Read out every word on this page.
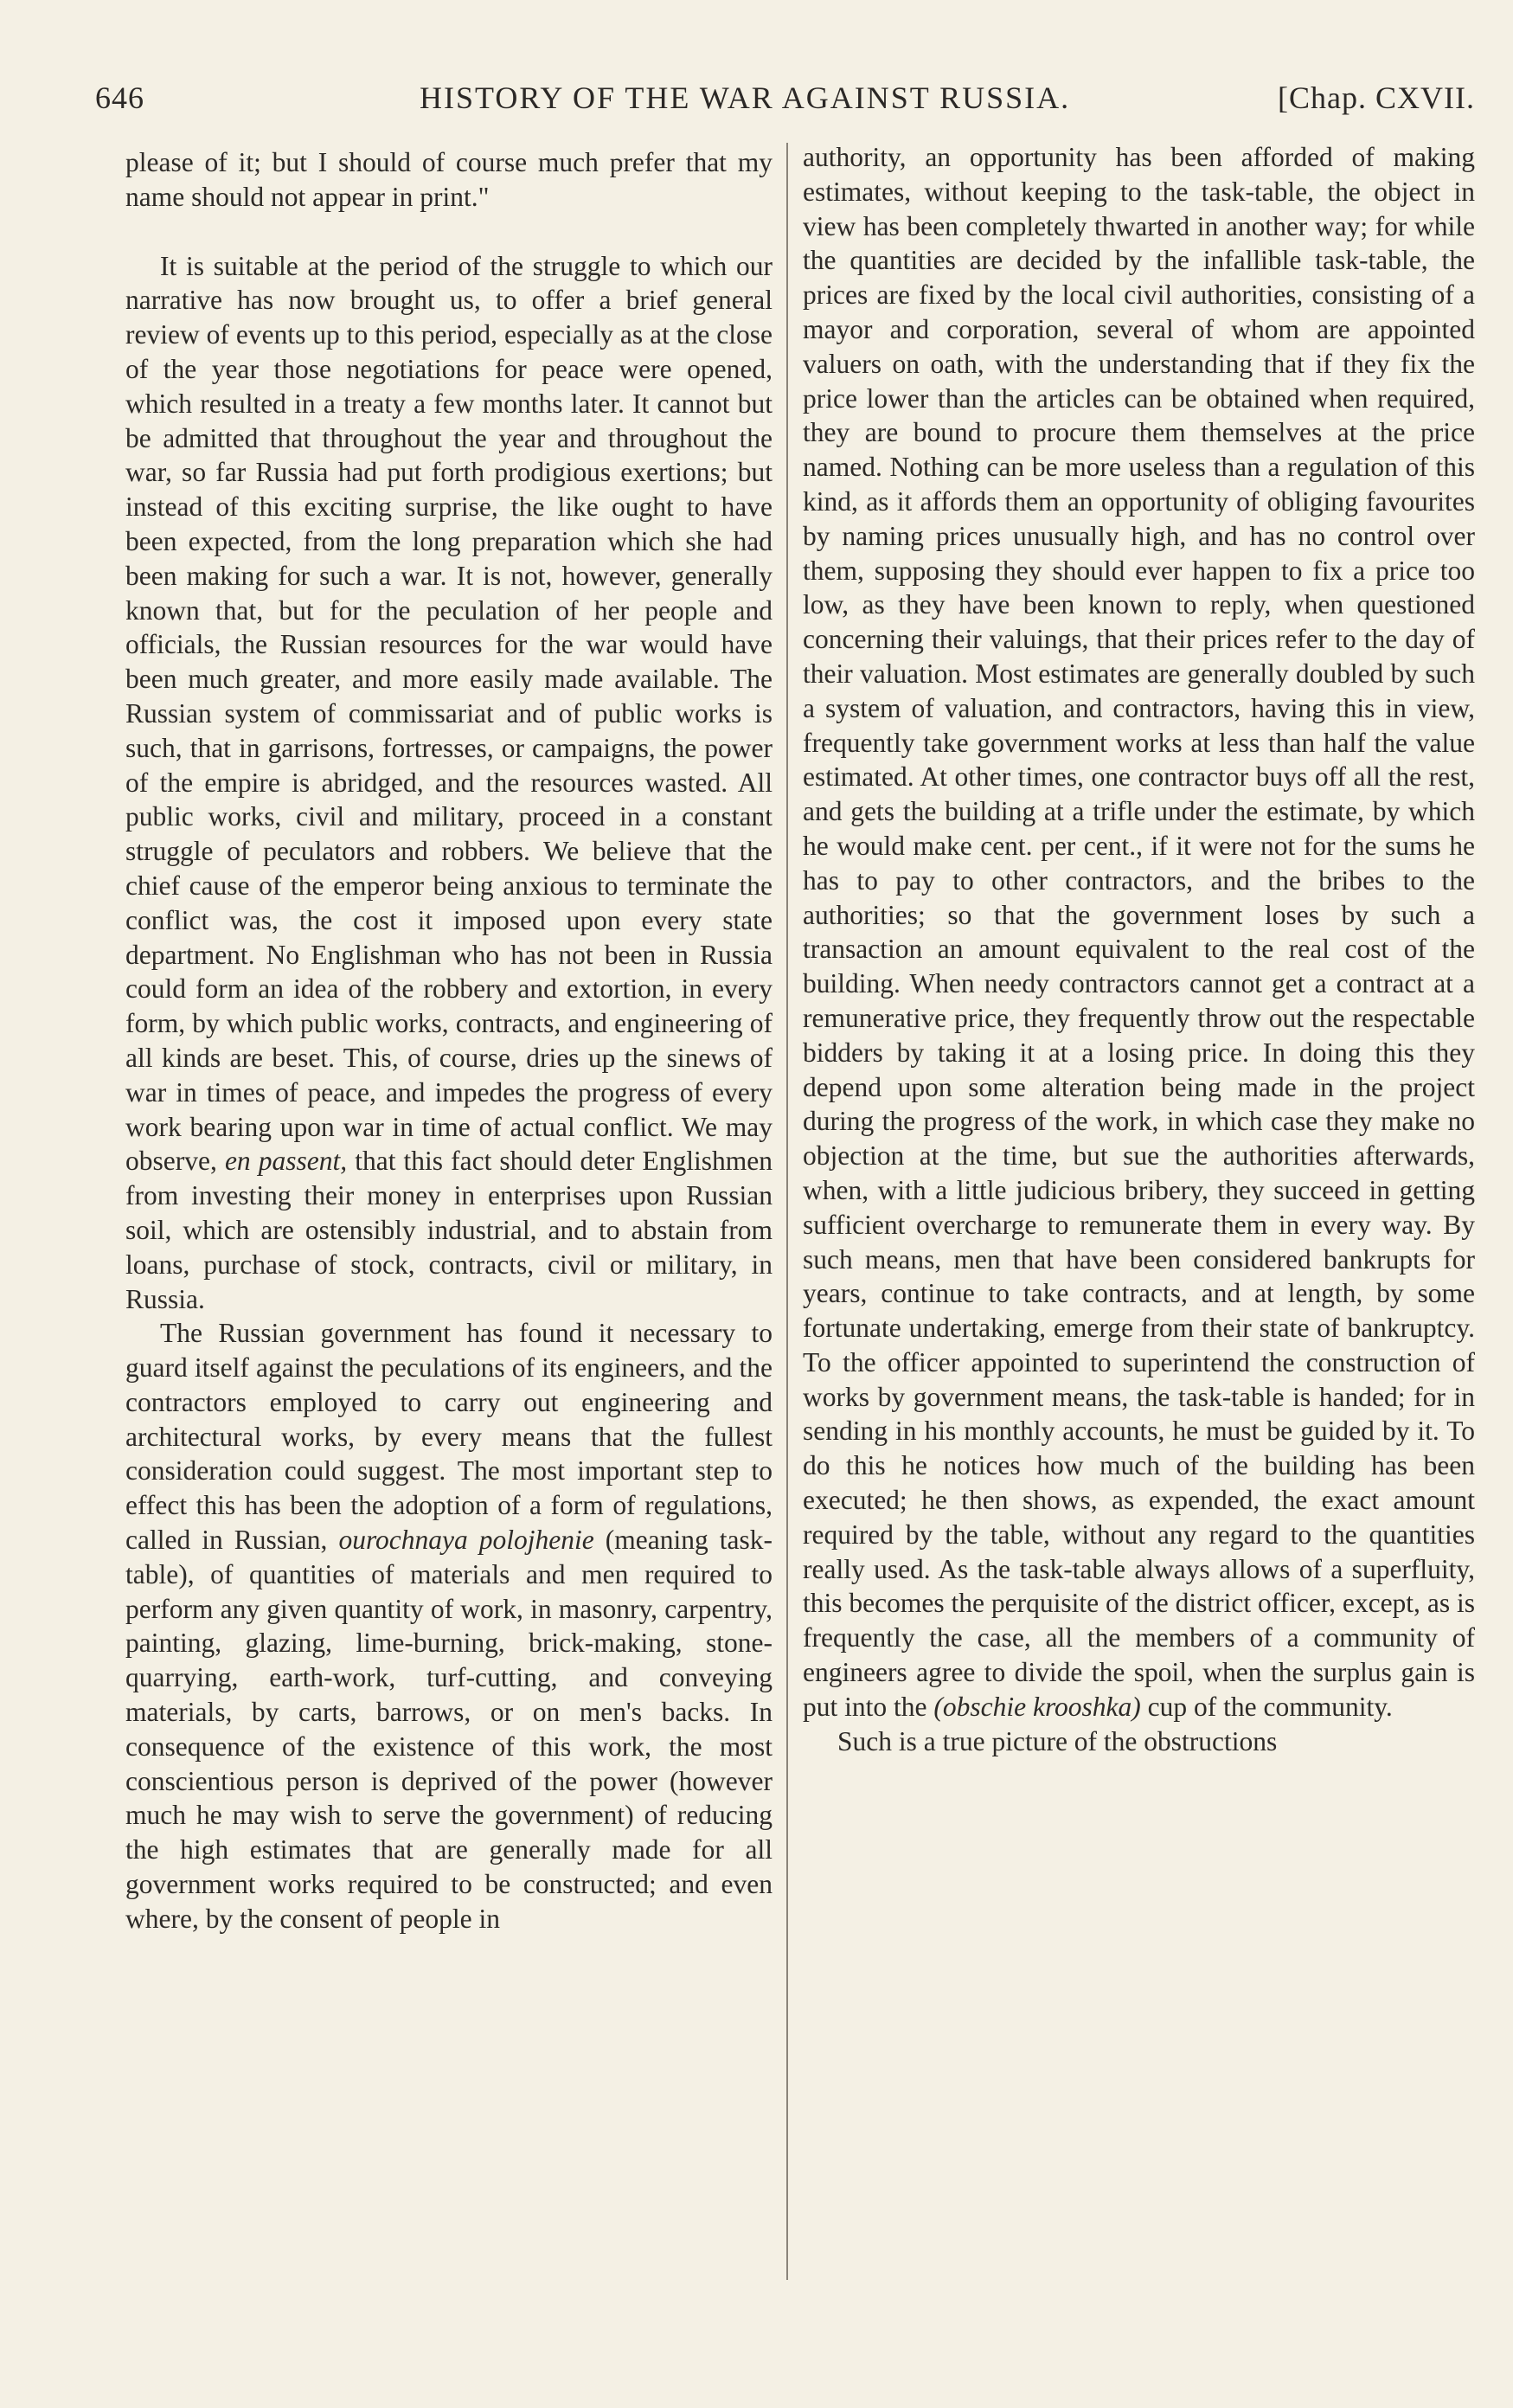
646	HISTORY OF THE WAR AGAINST RUSSIA.	[Chap. CXVII.

please of it; but I should of course much prefer that my name should not appear in print."

It is suitable at the period of the struggle to which our narrative has now brought us, to offer a brief general review of events up to this period, especially as at the close of the year those negotiations for peace were opened, which resulted in a treaty a few months later. It cannot but be admitted that throughout the year and throughout the war, so far Russia had put forth prodigious exertions; but instead of this exciting surprise, the like ought to have been expected, from the long preparation which she had been making for such a war. It is not, however, generally known that, but for the peculation of her people and officials, the Russian resources for the war would have been much greater, and more easily made available. The Russian system of commissariat and of public works is such, that in garrisons, fortresses, or campaigns, the power of the empire is abridged, and the resources wasted. All public works, civil and military, proceed in a constant struggle of peculators and robbers. We believe that the chief cause of the emperor being anxious to terminate the conflict was, the cost it imposed upon every state department. No Englishman who has not been in Russia could form an idea of the robbery and extortion, in every form, by which public works, contracts, and engineering of all kinds are beset. This, of course, dries up the sinews of war in times of peace, and impedes the progress of every work bearing upon war in time of actual conflict. We may observe, en passent, that this fact should deter Englishmen from investing their money in enterprises upon Russian soil, which are ostensibly industrial, and to abstain from loans, purchase of stock, contracts, civil or military, in Russia.

The Russian government has found it necessary to guard itself against the peculations of its engineers, and the contractors employed to carry out engineering and architectural works, by every means that the fullest consideration could suggest. The most important step to effect this has been the adoption of a form of regulations, called in Russian, ourochnaya polojhenie (meaning task-table), of quantities of materials and men required to perform any given quantity of work, in masonry, carpentry, painting, glazing, lime-burning, brick-making, stone-quarrying, earth-work, turf-cutting, and conveying materials, by carts, barrows, or on men's backs. In consequence of the existence of this work, the most conscientious person is deprived of the power (however much he may wish to serve the government) of reducing the high estimates that are generally made for all government works required to be constructed; and even where, by the consent of people in

authority, an opportunity has been afforded of making estimates, without keeping to the task-table, the object in view has been completely thwarted in another way; for while the quantities are decided by the infallible task-table, the prices are fixed by the local civil authorities, consisting of a mayor and corporation, several of whom are appointed valuers on oath, with the understanding that if they fix the price lower than the articles can be obtained when required, they are bound to procure them themselves at the price named. Nothing can be more useless than a regulation of this kind, as it affords them an opportunity of obliging favourites by naming prices unusually high, and has no control over them, supposing they should ever happen to fix a price too low, as they have been known to reply, when questioned concerning their valuings, that their prices refer to the day of their valuation. Most estimates are generally doubled by such a system of valuation, and contractors, having this in view, frequently take government works at less than half the value estimated. At other times, one contractor buys off all the rest, and gets the building at a trifle under the estimate, by which he would make cent. per cent., if it were not for the sums he has to pay to other contractors, and the bribes to the authorities; so that the government loses by such a transaction an amount equivalent to the real cost of the building. When needy contractors cannot get a contract at a remunerative price, they frequently throw out the respectable bidders by taking it at a losing price. In doing this they depend upon some alteration being made in the project during the progress of the work, in which case they make no objection at the time, but sue the authorities afterwards, when, with a little judicious bribery, they succeed in getting sufficient overcharge to remunerate them in every way. By such means, men that have been considered bankrupts for years, continue to take contracts, and at length, by some fortunate undertaking, emerge from their state of bankruptcy. To the officer appointed to superintend the construction of works by government means, the task-table is handed; for in sending in his monthly accounts, he must be guided by it. To do this he notices how much of the building has been executed; he then shows, as expended, the exact amount required by the table, without any regard to the quantities really used. As the task-table always allows of a superfluity, this becomes the perquisite of the district officer, except, as is frequently the case, all the members of a community of engineers agree to divide the spoil, when the surplus gain is put into the (obschie krooshka) cup of the community.

Such is a true picture of the obstructions
